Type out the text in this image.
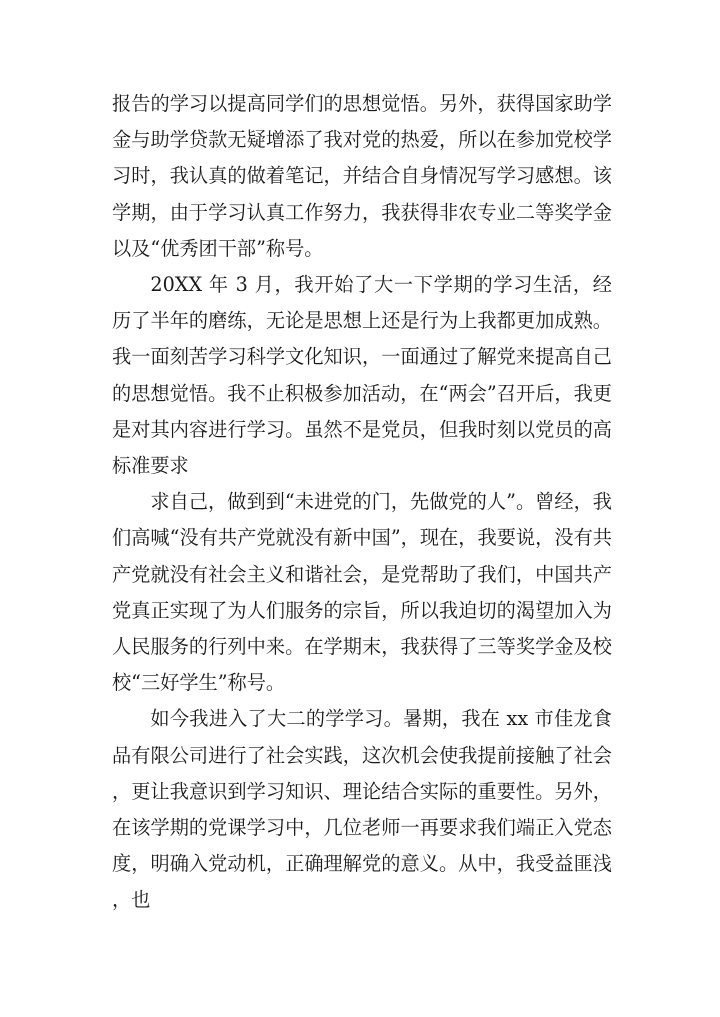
报告的学习以提高同学们的思想觉悟。另外，获得国家助学金与助学贷款无疑增添了我对党的热爱，所以在参加党校学习时，我认真的做着笔记，并结合自身情况写学习感想。该学期，由于学习认真工作努力，我获得非农专业二等奖学金以及“优秀团干部”称号。

20XX 年 3 月，我开始了大一下学期的学习生活，经历了半年的磨练，无论是思想上还是行为上我都更加成熟。我一面刻苦学习科学文化知识，一面通过了解党来提高自己的思想觉悟。我不止积极参加活动，在“两会”召开后，我更是对其内容进行学习。虽然不是党员，但我时刻以党员的高标准要求

求自己，做到到“未进党的门，先做党的人”。曾经，我们高喊“没有共产党就没有新中国”，现在，我要说，没有共产党就没有社会主义和谐社会，是党帮助了我们，中国共产党真正实现了为人们服务的宗旨，所以我迫切的渴望加入为人民服务的行列中来。在学期末，我获得了三等奖学金及校校“三好学生”称号。

如今我进入了大二的学学习。暑期，我在 xx 市佳龙食品有限公司进行了社会实践，这次机会使我提前接触了社会，更让我意识到学习知识、理论结合实际的重要性。另外，在该学期的党课学习中，几位老师一再要求我们端正入党态度，明确入党动机，正确理解党的意义。从中，我受益匪浅，也
